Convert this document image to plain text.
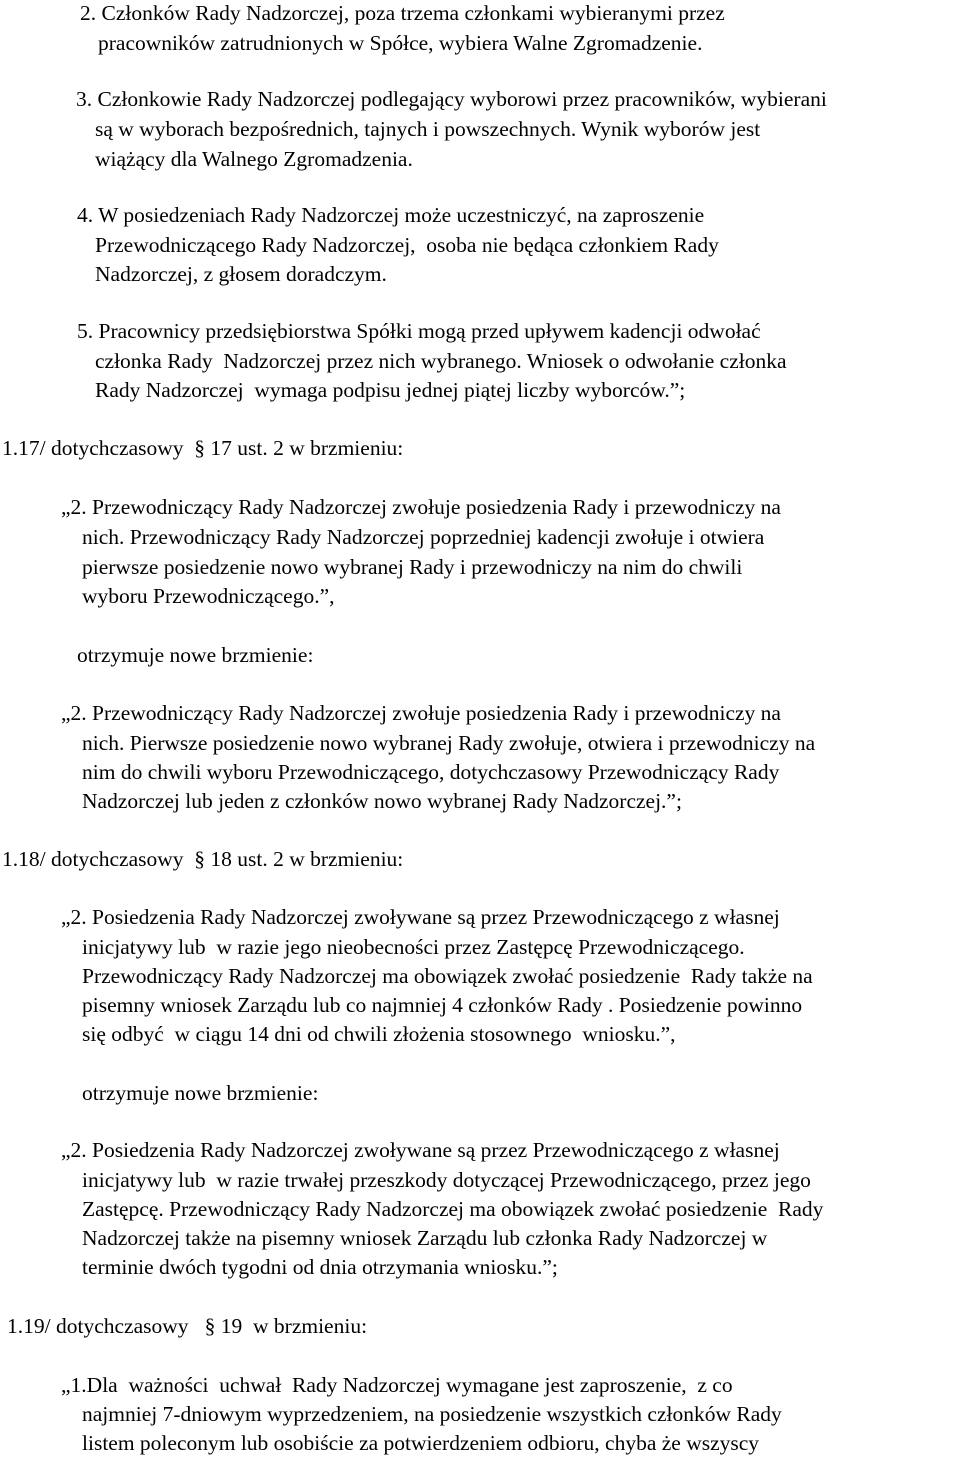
2. Członków Rady Nadzorczej, poza trzema członkami wybieranymi przez

pracowników zatrudnionych w Spółce, wybiera Walne Zgromadzenie.

3. Członkowie Rady Nadzorczej podlegający wyborowi przez pracowników, wybierani

są w wyborach bezpośrednich, tajnych i powszechnych. Wynik wyborów jest

wiążący dla Walnego Zgromadzenia.

4. W posiedzeniach Rady Nadzorczej może uczestniczyć, na zaproszenie

Przewodniczącego Rady Nadzorczej,  osoba nie będąca członkiem Rady

Nadzorczej, z głosem doradczym.

5. Pracownicy przedsiębiorstwa Spółki mogą przed upływem kadencji odwołać

członka Rady  Nadzorczej przez nich wybranego. Wniosek o odwołanie członka

Rady Nadzorczej  wymaga podpisu jednej piątej liczby wyborców.”;

1.17/ dotychczasowy  § 17 ust. 2 w brzmieniu:

„2. Przewodniczący Rady Nadzorczej zwołuje posiedzenia Rady i przewodniczy na

nich. Przewodniczący Rady Nadzorczej poprzedniej kadencji zwołuje i otwiera

pierwsze posiedzenie nowo wybranej Rady i przewodniczy na nim do chwili

wyboru Przewodniczącego.”,

otrzymuje nowe brzmienie:

„2. Przewodniczący Rady Nadzorczej zwołuje posiedzenia Rady i przewodniczy na

nich. Pierwsze posiedzenie nowo wybranej Rady zwołuje, otwiera i przewodniczy na

nim do chwili wyboru Przewodniczącego, dotychczasowy Przewodniczący Rady

Nadzorczej lub jeden z członków nowo wybranej Rady Nadzorczej.”;

1.18/ dotychczasowy  § 18 ust. 2 w brzmieniu:

„2. Posiedzenia Rady Nadzorczej zwoływane są przez Przewodniczącego z własnej

inicjatywy lub  w razie jego nieobecności przez Zastępcę Przewodniczącego.

Przewodniczący Rady Nadzorczej ma obowiązek zwołać posiedzenie  Rady także na

pisemny wniosek Zarządu lub co najmniej 4 członków Rady . Posiedzenie powinno

się odbyć  w ciągu 14 dni od chwili złożenia stosownego  wniosku.”,

otrzymuje nowe brzmienie:

„2. Posiedzenia Rady Nadzorczej zwoływane są przez Przewodniczącego z własnej

inicjatywy lub  w razie trwałej przeszkody dotyczącej Przewodniczącego, przez jego

Zastępcę. Przewodniczący Rady Nadzorczej ma obowiązek zwołać posiedzenie  Rady

Nadzorczej także na pisemny wniosek Zarządu lub członka Rady Nadzorczej w

terminie dwóch tygodni od dnia otrzymania wniosku.”;

1.19/ dotychczasowy   § 19  w brzmieniu:

„1.Dla  ważności  uchwał  Rady Nadzorczej wymagane jest zaproszenie,  z co

najmniej 7-dniowym wyprzedzeniem, na posiedzenie wszystkich członków Rady

listem poleconym lub osobiście za potwierdzeniem odbioru, chyba że wszyscy
